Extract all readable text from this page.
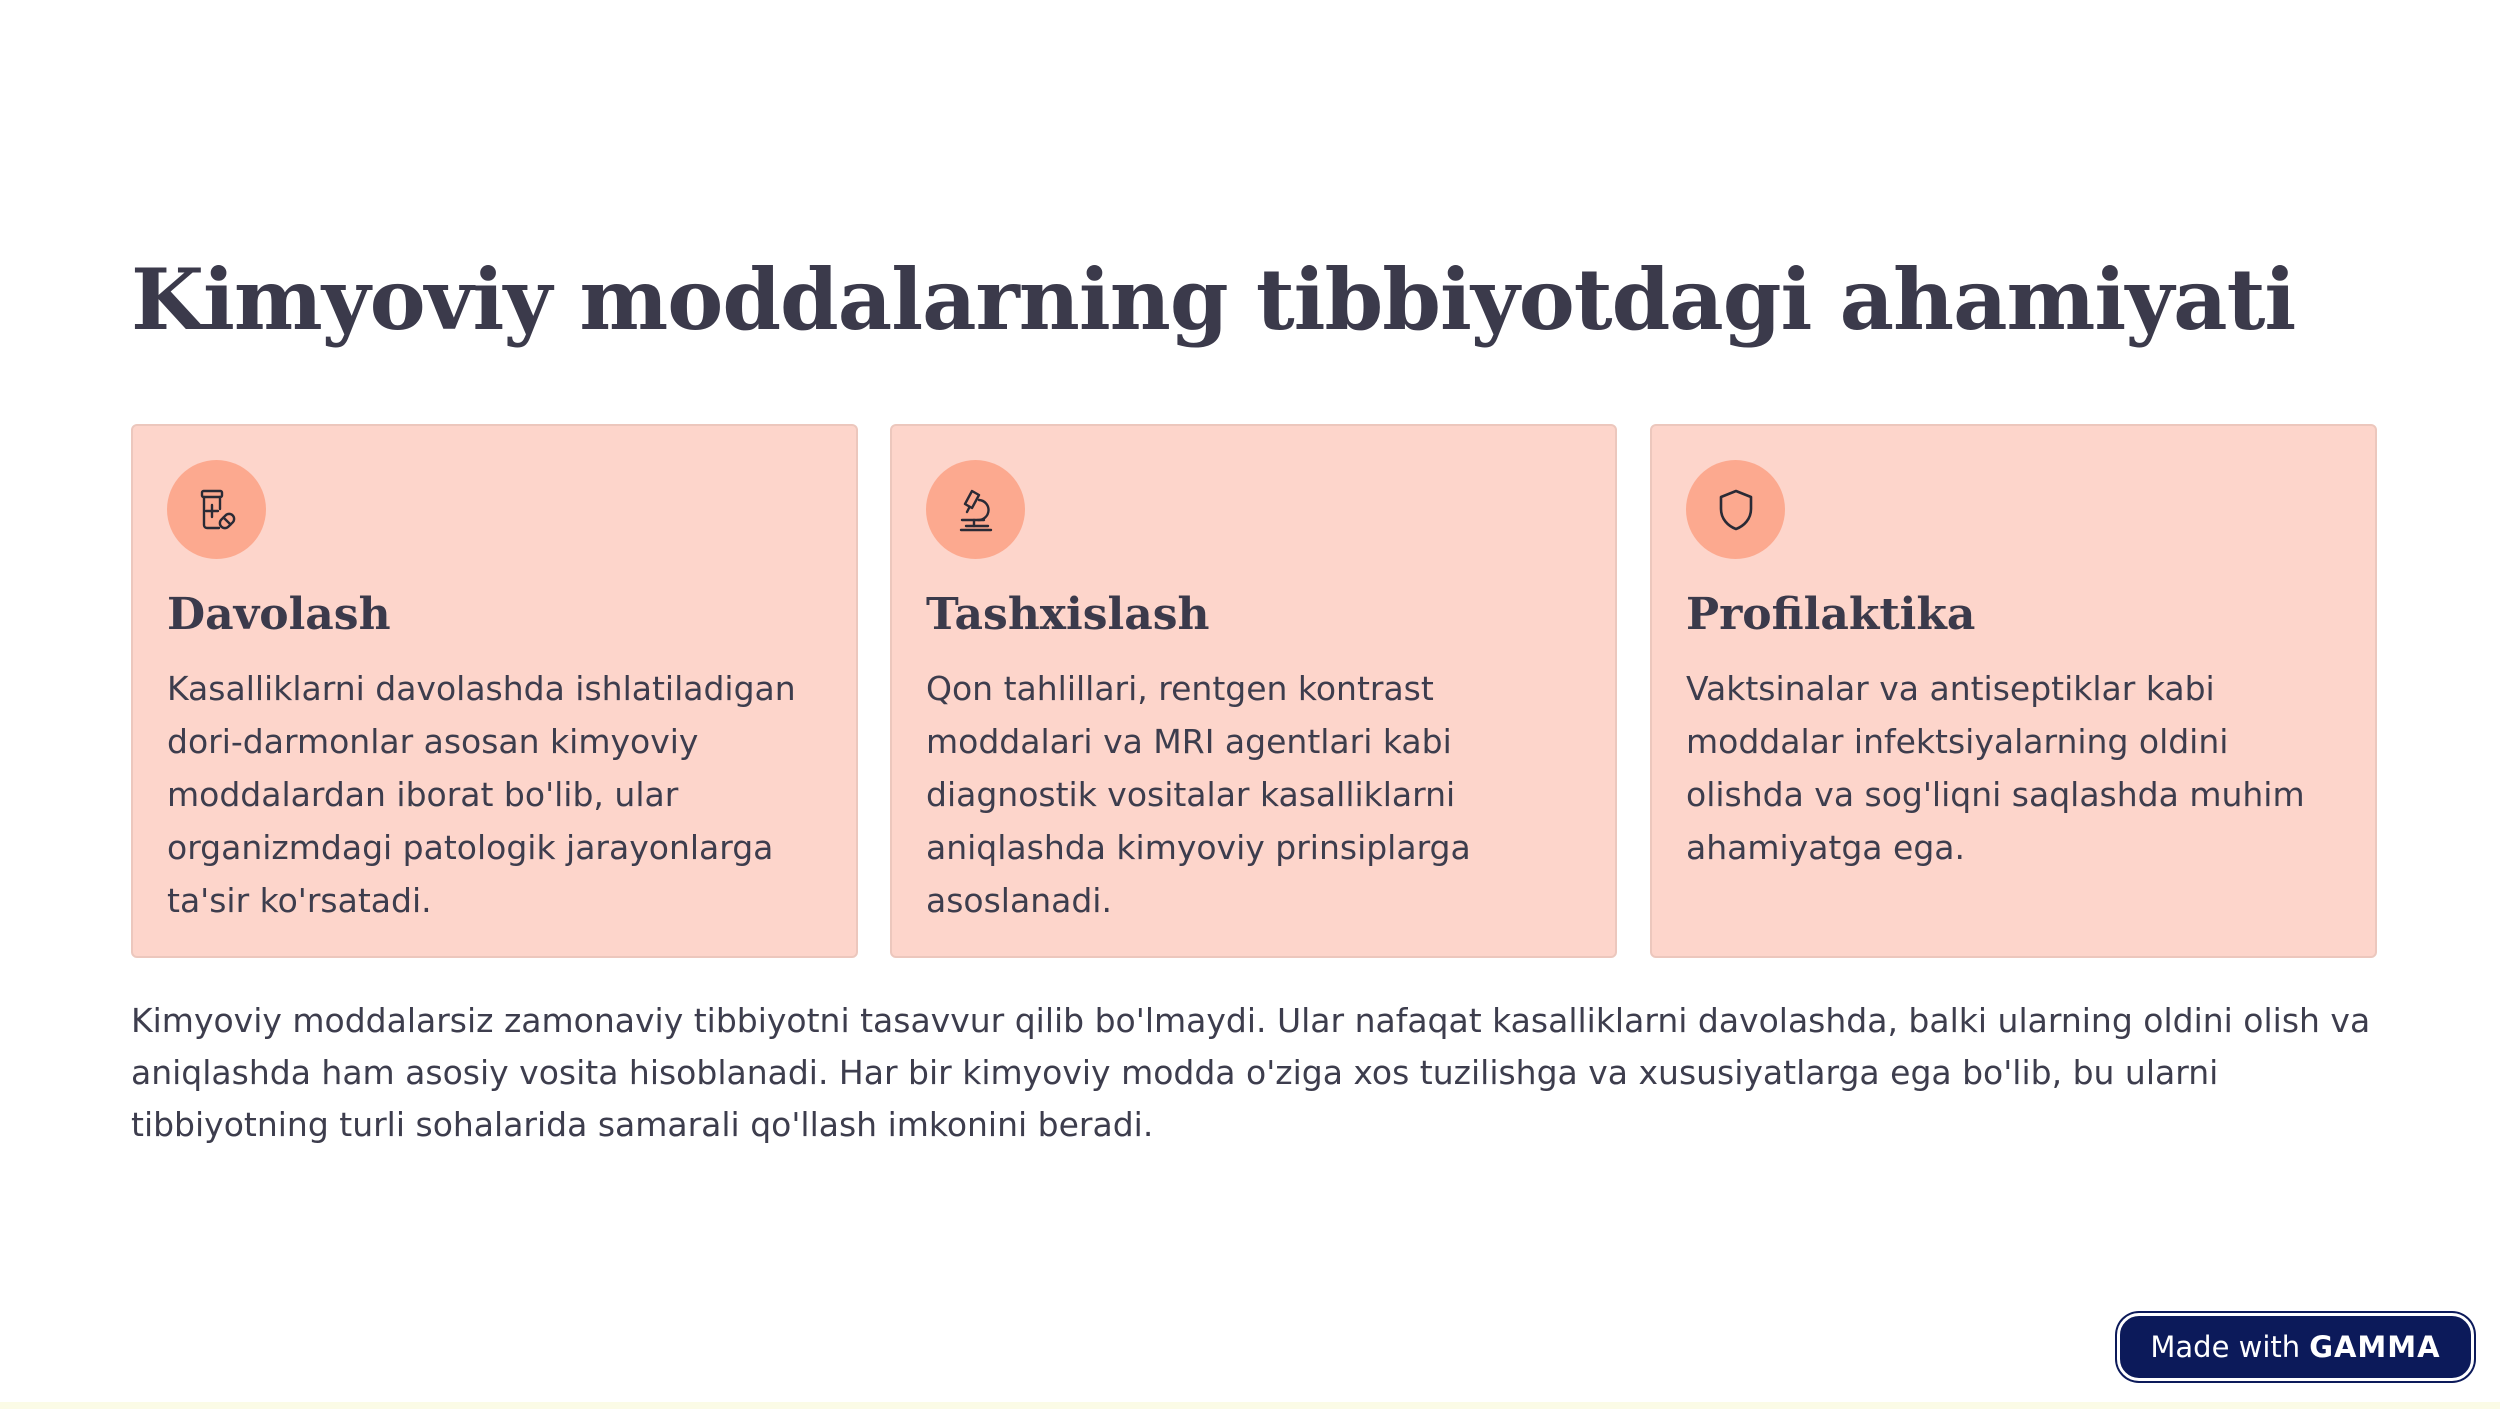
Kimyoviy moddalarning tibbiyotdagi ahamiyati
Davolash

Kasalliklarni davolashda ishlatiladigan dori-darmonlar asosan kimyoviy moddalardan iborat bo'lib, ular organizmdagi patologik jarayonlarga ta'sir ko'rsatadi.

Tashxislash

Qon tahlillari, rentgen kontrast moddalari va MRI agentlari kabi diagnostik vositalar kasalliklarni aniqlashda kimyoviy prinsiplarga asoslanadi.

Profilaktika

Vaktsinalar va antiseptiklar kabi moddalar infektsiyalarning oldini olishda va sog'liqni saqlashda muhim ahamiyatga ega.

Kimyoviy moddalarsiz zamonaviy tibbiyotni tasavvur qilib bo'lmaydi. Ular nafaqat kasalliklarni davolashda, balki ularning oldini olish va aniqlashda ham asosiy vosita hisoblanadi. Har bir kimyoviy modda o'ziga xos tuzilishga va xususiyatlarga ega bo'lib, bu ularni tibbiyotning turli sohalarida samarali qo'llash imkonini beradi.

Made with GAMMA
